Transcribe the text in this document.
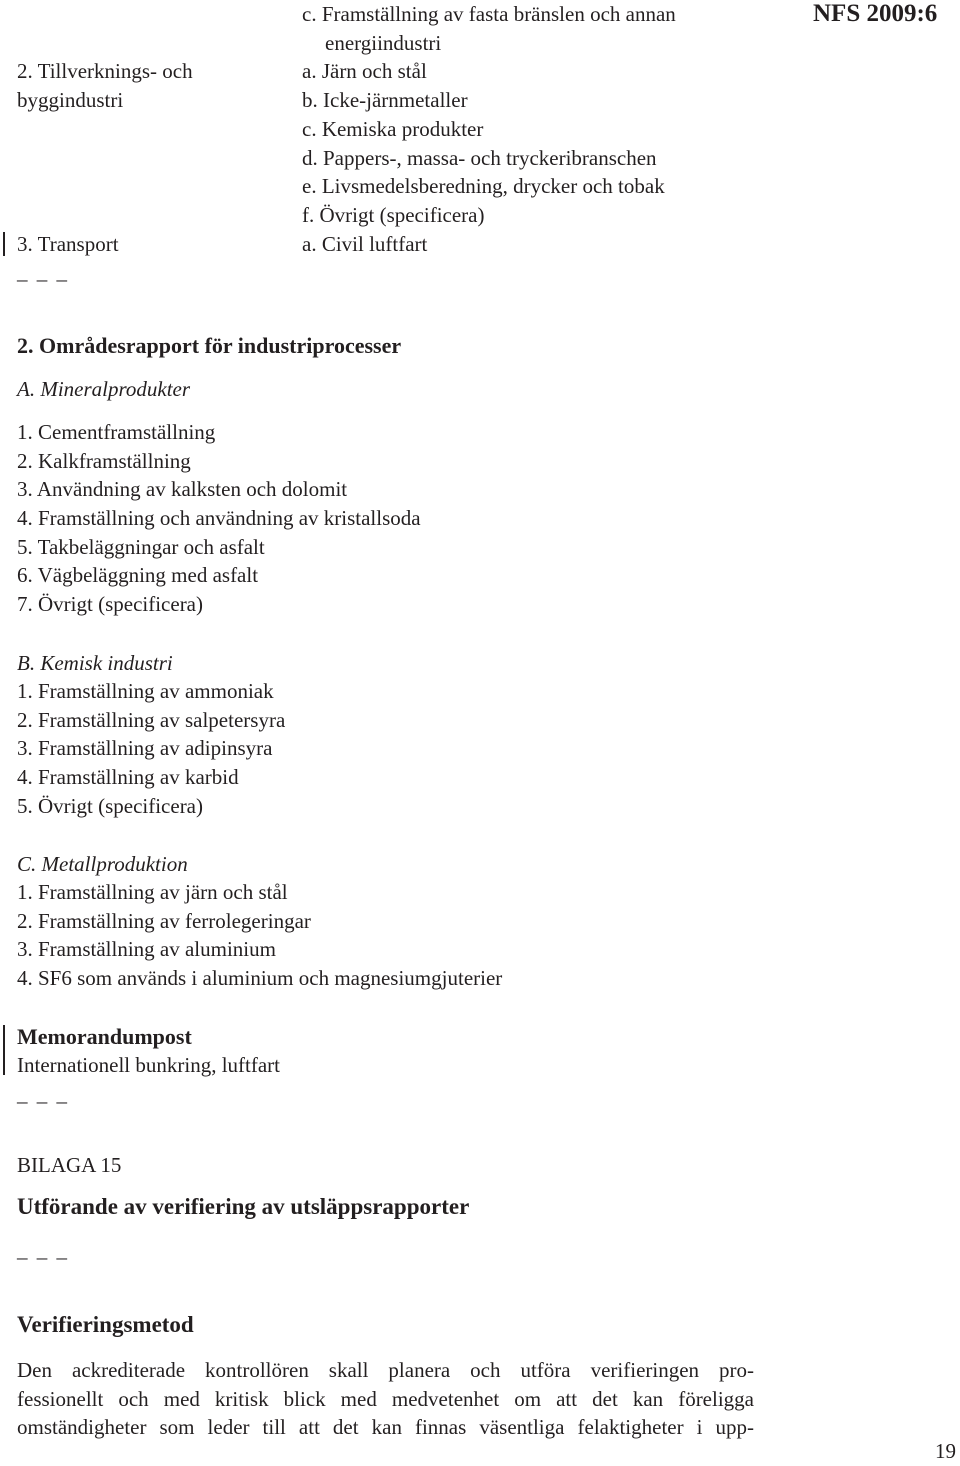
NFS 2009:6
c. Framställning av fasta bränslen och annan
energiindustri
2. Tillverknings- och	a. Järn och stål
byggindustri	b. Icke-järnmetaller
c. Kemiska produkter
d. Pappers-, massa- och tryckeribranschen
e. Livsmedelsberedning, drycker och tobak
f. Övrigt (specificera)
3. Transport	a. Civil luftfart
_ _ _
2. Områdesrapport för industriprocesser
A. Mineralprodukter
1. Cementframställning
2. Kalkframställning
3. Användning av kalksten och dolomit
4. Framställning och användning av kristallsoda
5. Takbeläggningar och asfalt
6. Vägbeläggning med asfalt
7. Övrigt (specificera)
B. Kemisk industri
1. Framställning av ammoniak
2. Framställning av salpetersyra
3. Framställning av adipinsyra
4. Framställning av karbid
5. Övrigt (specificera)
C. Metallproduktion
1. Framställning av järn och stål
2. Framställning av ferrolegeringar
3. Framställning av aluminium
4. SF6 som används i aluminium och magnesiumgjuterier
Memorandumpost
Internationell bunkring, luftfart
_ _ _
BILAGA 15
Utförande av verifiering av utsläppsrapporter
_ _ _
Verifieringsmetod
Den ackrediterade kontrollören skall planera och utföra verifieringen pro-
fessionellt och med kritisk blick med medvetenhet om att det kan föreligga
omständigheter som leder till att det kan finnas väsentliga felaktigheter i upp-
19
